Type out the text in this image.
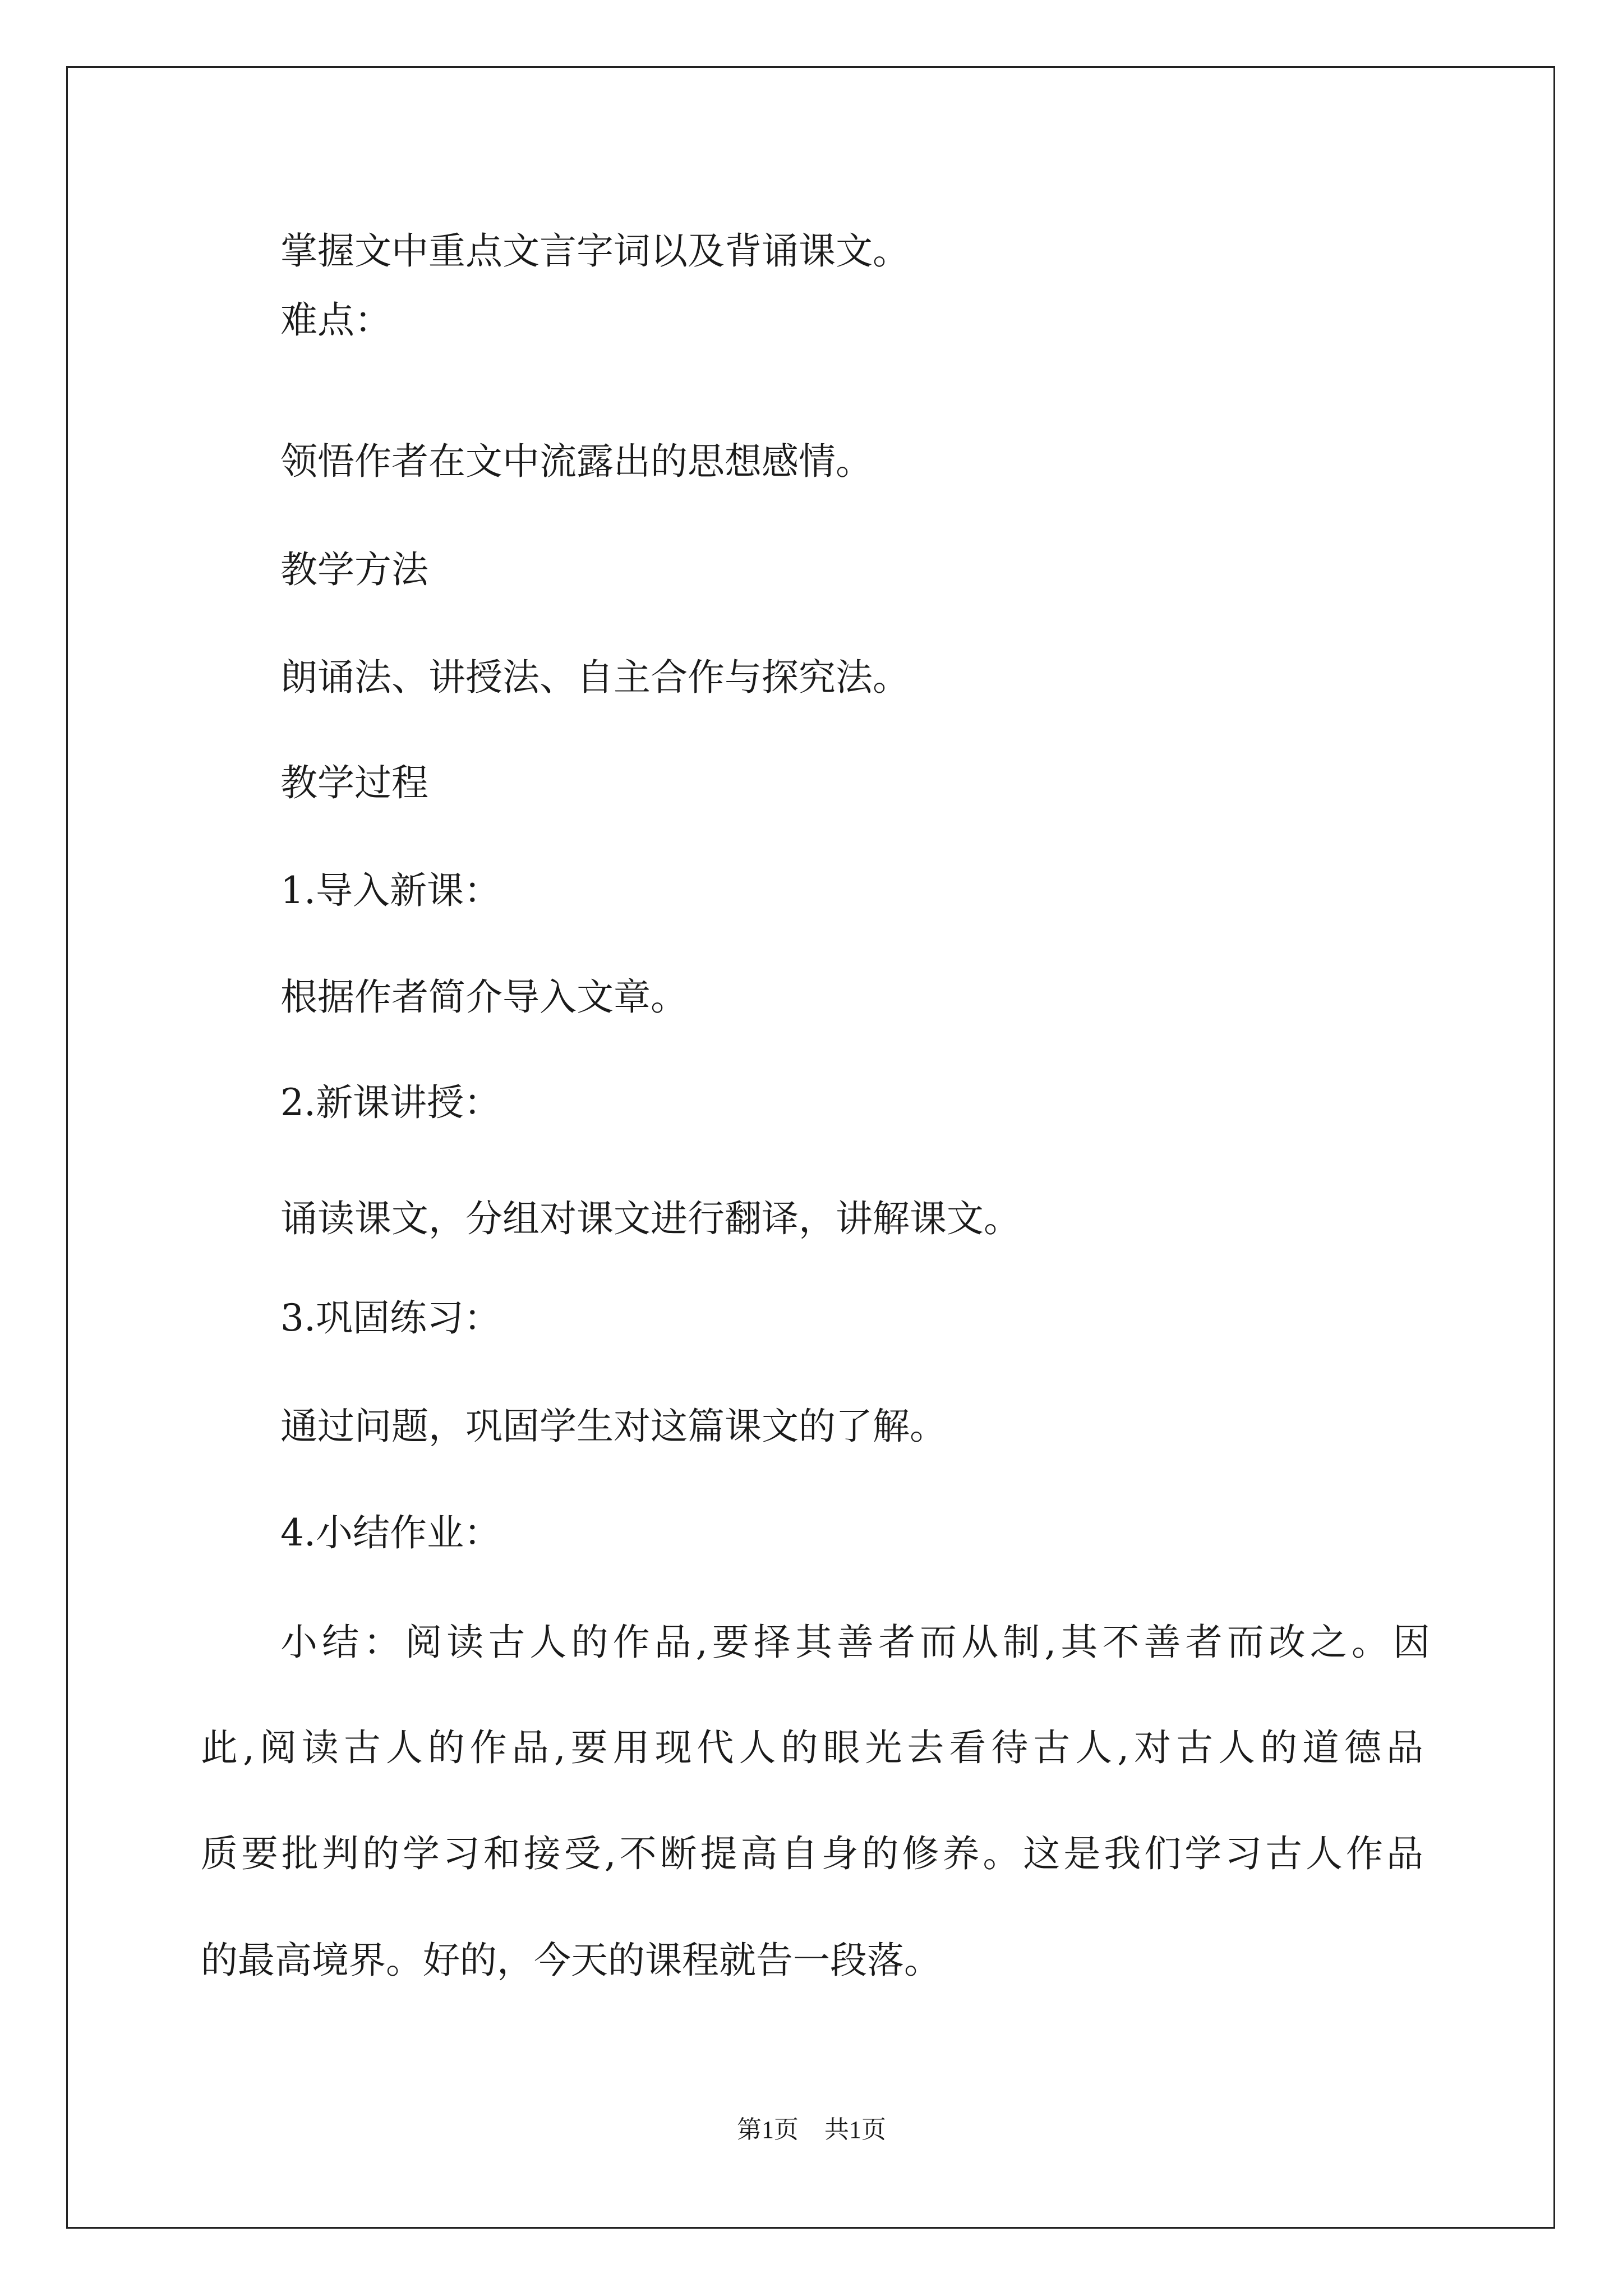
掌握文中重点文言字词以及背诵课文。
难点：
领悟作者在文中流露出的思想感情。
教学方法
朗诵法、讲授法、自主合作与探究法。
教学过程
1.导入新课：
根据作者简介导入文章。
2.新课讲授：
诵读课文，分组对课文进行翻译，讲解课文。
3.巩固练习：
通过问题，巩固学生对这篇课文的了解。
4.小结作业：
小结：阅读古人的作品,要择其善者而从制,其不善者而改之。因
此,阅读古人的作品,要用现代人的眼光去看待古人,对古人的道德品
质要批判的学习和接受,不断提高自身的修养。这是我们学习古人作品
的最高境界。好的，今天的课程就告一段落。
第1页 共1页
